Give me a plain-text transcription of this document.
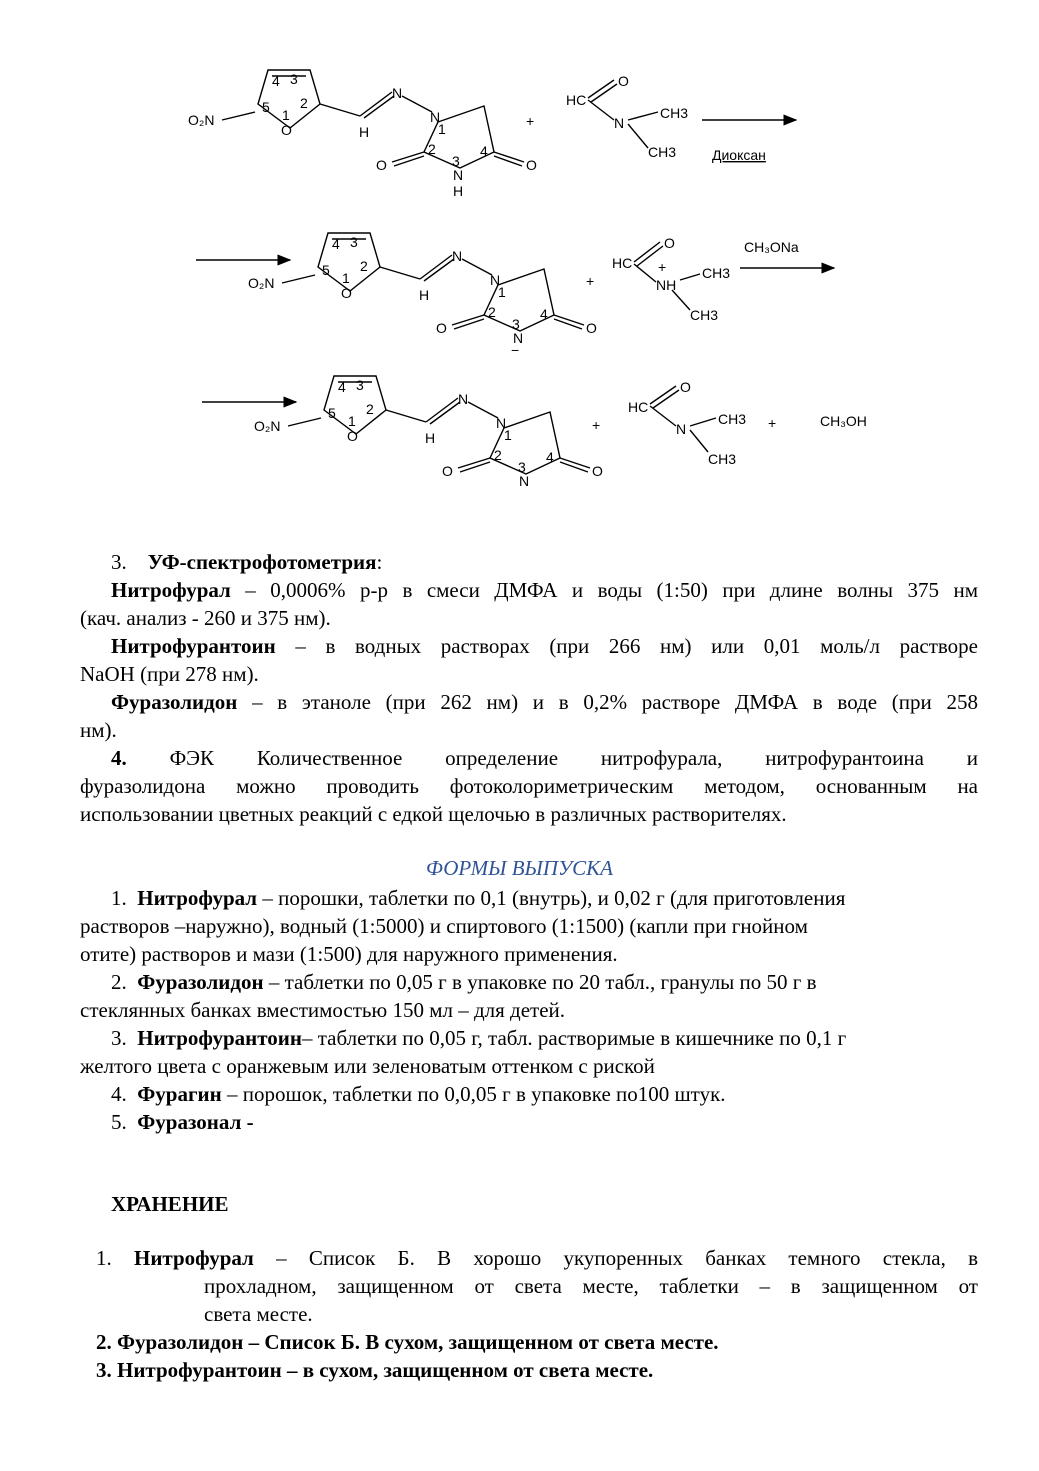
O₂N
4 3
5 1
2
O	H
N
N
1
2
3
4
O	O
N
H
+
HC
O
N
CH3
CH3	Диоксан
O₂N
4 3
5 1
2
O	H
N
N
1
2
3
4
O	O
N
−
+
HC
O
+
NH
CH3
CH3
CH₃ONa
O₂N
4 3
5 1
2
O	H
N
N
1
2
3
4
O	O
N
+
HC
O
N
CH3
CH3
+	CH₃OH
3. УФ-спектрофотометрия:
Нитрофурал – 0,0006% р-р в смеси ДМФА и воды (1:50) при длине волны 375 нм
(кач. анализ - 260 и 375 нм).
Нитрофурантоин – в водных растворах (при 266 нм) или 0,01 моль/л растворе
NaOH (при 278 нм).
Фуразолидон – в этаноле (при 262 нм) и в 0,2% растворе ДМФА в воде (при 258
нм).
4. ФЭК Количественное определение нитрофурала, нитрофурантоина и
фуразолидона можно проводить фотоколориметрическим методом, основанным на
использовании цветных реакций с едкой щелочью в различных растворителях.
ФОРМЫ ВЫПУСКА
1. Нитрофурал – порошки, таблетки по 0,1 (внутрь), и 0,02 г (для приготовления
растворов –наружно), водный (1:5000) и спиртового (1:1500) (капли при гнойном
отите) растворов и мази (1:500) для наружного применения.
2. Фуразолидон – таблетки по 0,05 г в упаковке по 20 табл., гранулы по 50 г в
стеклянных банках вместимостью 150 мл – для детей.
3. Нитрофурантоин– таблетки по 0,05 г, табл. растворимые в кишечнике по 0,1 г
желтого цвета с оранжевым или зеленоватым оттенком с риской
4. Фурагин – порошок, таблетки по 0,0,05 г в упаковке по100 штук.
5. Фуразонал -
ХРАНЕНИЕ
1. Нитрофурал – Список Б. В хорошо укупоренных банках темного стекла, в
прохладном, защищенном от света месте, таблетки – в защищенном от
света месте.
2. Фуразолидон – Список Б. В сухом, защищенном от света месте.
3. Нитрофурантоин – в сухом, защищенном от света месте.
